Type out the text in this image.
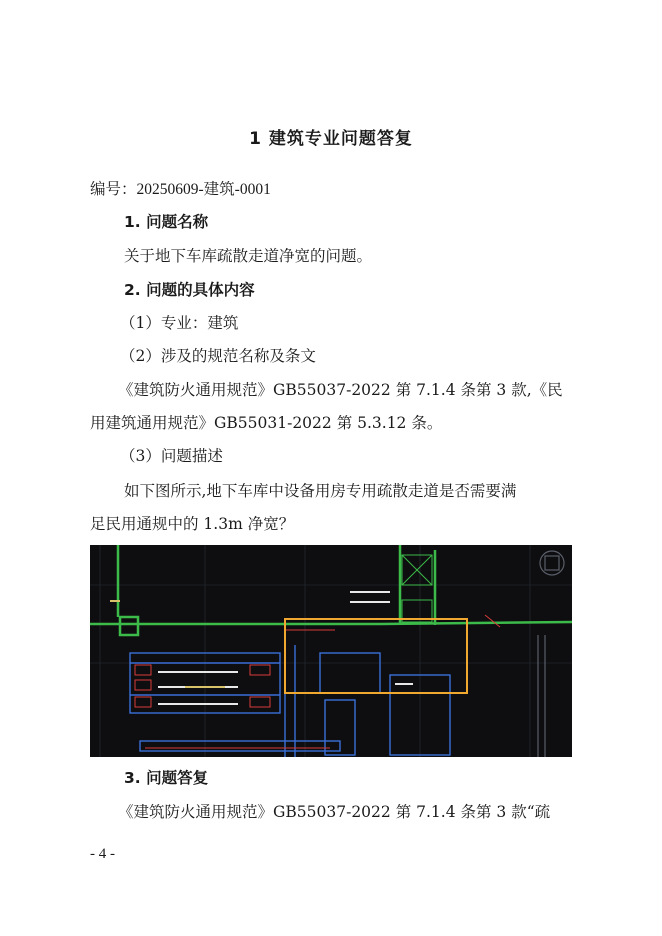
1 建筑专业问题答复
编号：20250609-建筑-0001
1. 问题名称
关于地下车库疏散走道净宽的问题。
2. 问题的具体内容
（1）专业：建筑
（2）涉及的规范名称及条文
《建筑防火通用规范》GB55037-2022 第 7.1.4 条第 3 款,《民
用建筑通用规范》GB55031-2022 第 5.3.12 条。
（3）问题描述
如下图所示,地下车库中设备用房专用疏散走道是否需要满
足民用通规中的 1.3m 净宽？
3. 问题答复
《建筑防火通用规范》GB55037-2022 第 7.1.4 条第 3 款“疏
- 4 -
